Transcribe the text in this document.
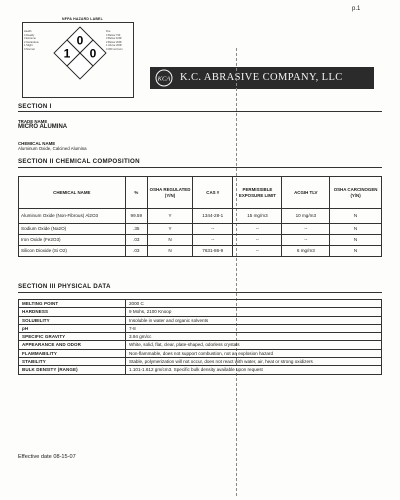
p.1
NFPA HAZARD LABEL
Health
4 Deadly
3 Extreme
2 Hazardous
1 Slight
0 Normal
Fire
4 Below 73F
3 Below 100F
2 Below 200F
1 Above 200F
0 Will not burn
0
1 0
KCA K.C. ABRASIVE COMPANY, LLC
SECTION I
TRADE NAME
MICRO ALUMINA
CHEMICAL NAME
Aluminum Oxide, Calcined Alumina
SECTION II CHEMICAL COMPOSITION
CHEMICAL NAME	%	OSHA REGULATED (Y/N)	CAS #	PERMISSIBLE EXPOSURE LIMIT	ACGIH TLV	OSHA CARCINOGEN (Y/N)
Aluminum Oxide (Non-Fibrous) Al2O3	99.59	Y	1344-28-1	15 mg/m3	10 mg/m3	N
Sodium Oxide (Na2O)	.35	Y	--	--	--	N
Iron Oxide (Fe2O3)	.03	N	--	--	--	N
Silicon Dioxide (Si O2)	.03	N	7631-86-9	--	6 mg/m3	N
SECTION III PHYSICAL DATA
MELTING POINT	2000 C
HARDNESS	9 Mohs, 2100 Knoop
SOLUBILITY	Insoluble in water and organic solvents
pH	7-8
SPECIFIC GRAVITY	3.94 gm/cc
APPEARANCE AND ODOR	White, solid, flat, clear, plate-shaped, odorless crystals
FLAMMABILITY	Non-flammable, does not support combustion, not an explosion hazard
STABILITY	Stable, polymerization will not occur, does not react with water, air, heat or strong oxidizers
BULK DENSITY (RANGE)	1.101-1.612 gm/cm3. Specific bulk density available upon request
Effective date 08-15-07
